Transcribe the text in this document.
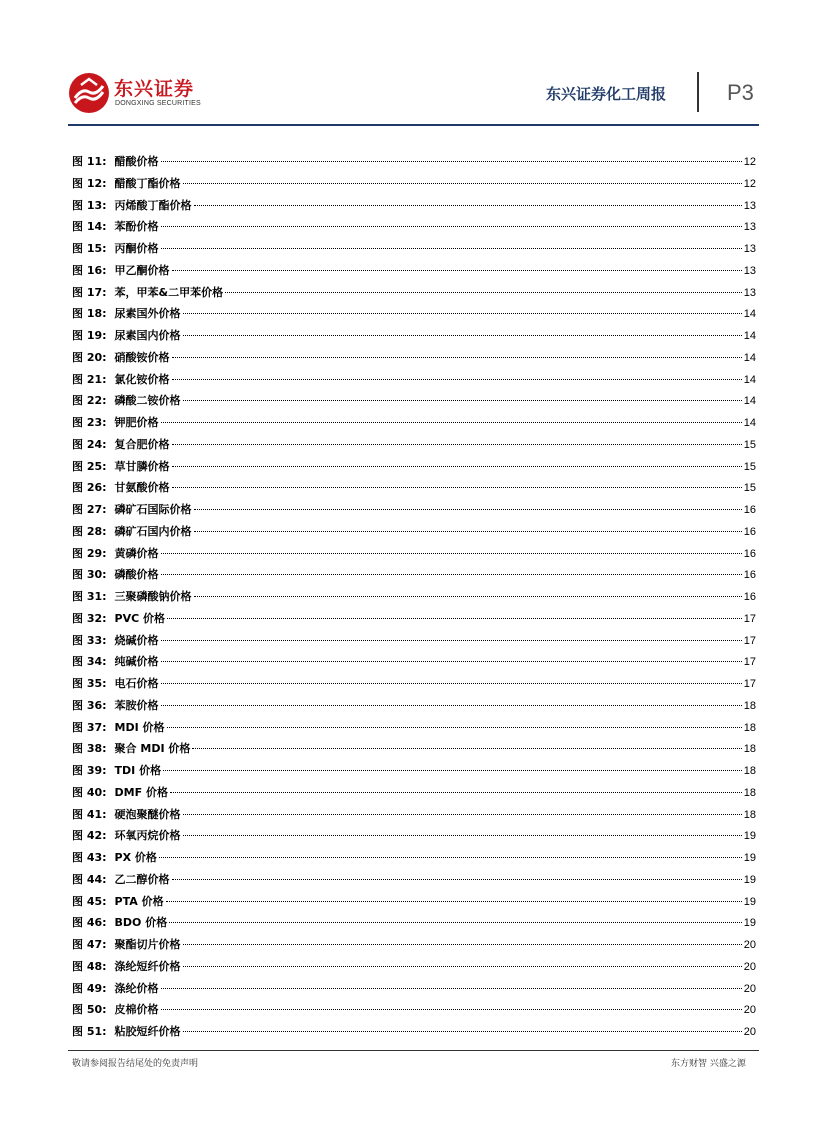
东兴证券
DONGXING SECURITIES
东兴证券化工周报	P3
图 11: 醋酸价格	12
图 12: 醋酸丁酯价格	12
图 13: 丙烯酸丁酯价格	13
图 14: 苯酚价格	13
图 15: 丙酮价格	13
图 16: 甲乙酮价格	13
图 17: 苯，甲苯&二甲苯价格	13
图 18: 尿素国外价格	14
图 19: 尿素国内价格	14
图 20: 硝酸铵价格	14
图 21: 氯化铵价格	14
图 22: 磷酸二铵价格	14
图 23: 钾肥价格	14
图 24: 复合肥价格	15
图 25: 草甘膦价格	15
图 26: 甘氨酸价格	15
图 27: 磷矿石国际价格	16
图 28: 磷矿石国内价格	16
图 29: 黄磷价格	16
图 30: 磷酸价格	16
图 31: 三聚磷酸钠价格	16
图 32: PVC 价格	17
图 33: 烧碱价格	17
图 34: 纯碱价格	17
图 35: 电石价格	17
图 36: 苯胺价格	18
图 37: MDI 价格	18
图 38: 聚合 MDI 价格	18
图 39: TDI 价格	18
图 40: DMF 价格	18
图 41: 硬泡聚醚价格	18
图 42: 环氧丙烷价格	19
图 43: PX 价格	19
图 44: 乙二醇价格	19
图 45: PTA 价格	19
图 46: BDO 价格	19
图 47: 聚酯切片价格	20
图 48: 涤纶短纤价格	20
图 49: 涤纶价格	20
图 50: 皮棉价格	20
图 51: 粘胶短纤价格	20
敬请参阅报告结尾处的免责声明	东方财智 兴盛之源
